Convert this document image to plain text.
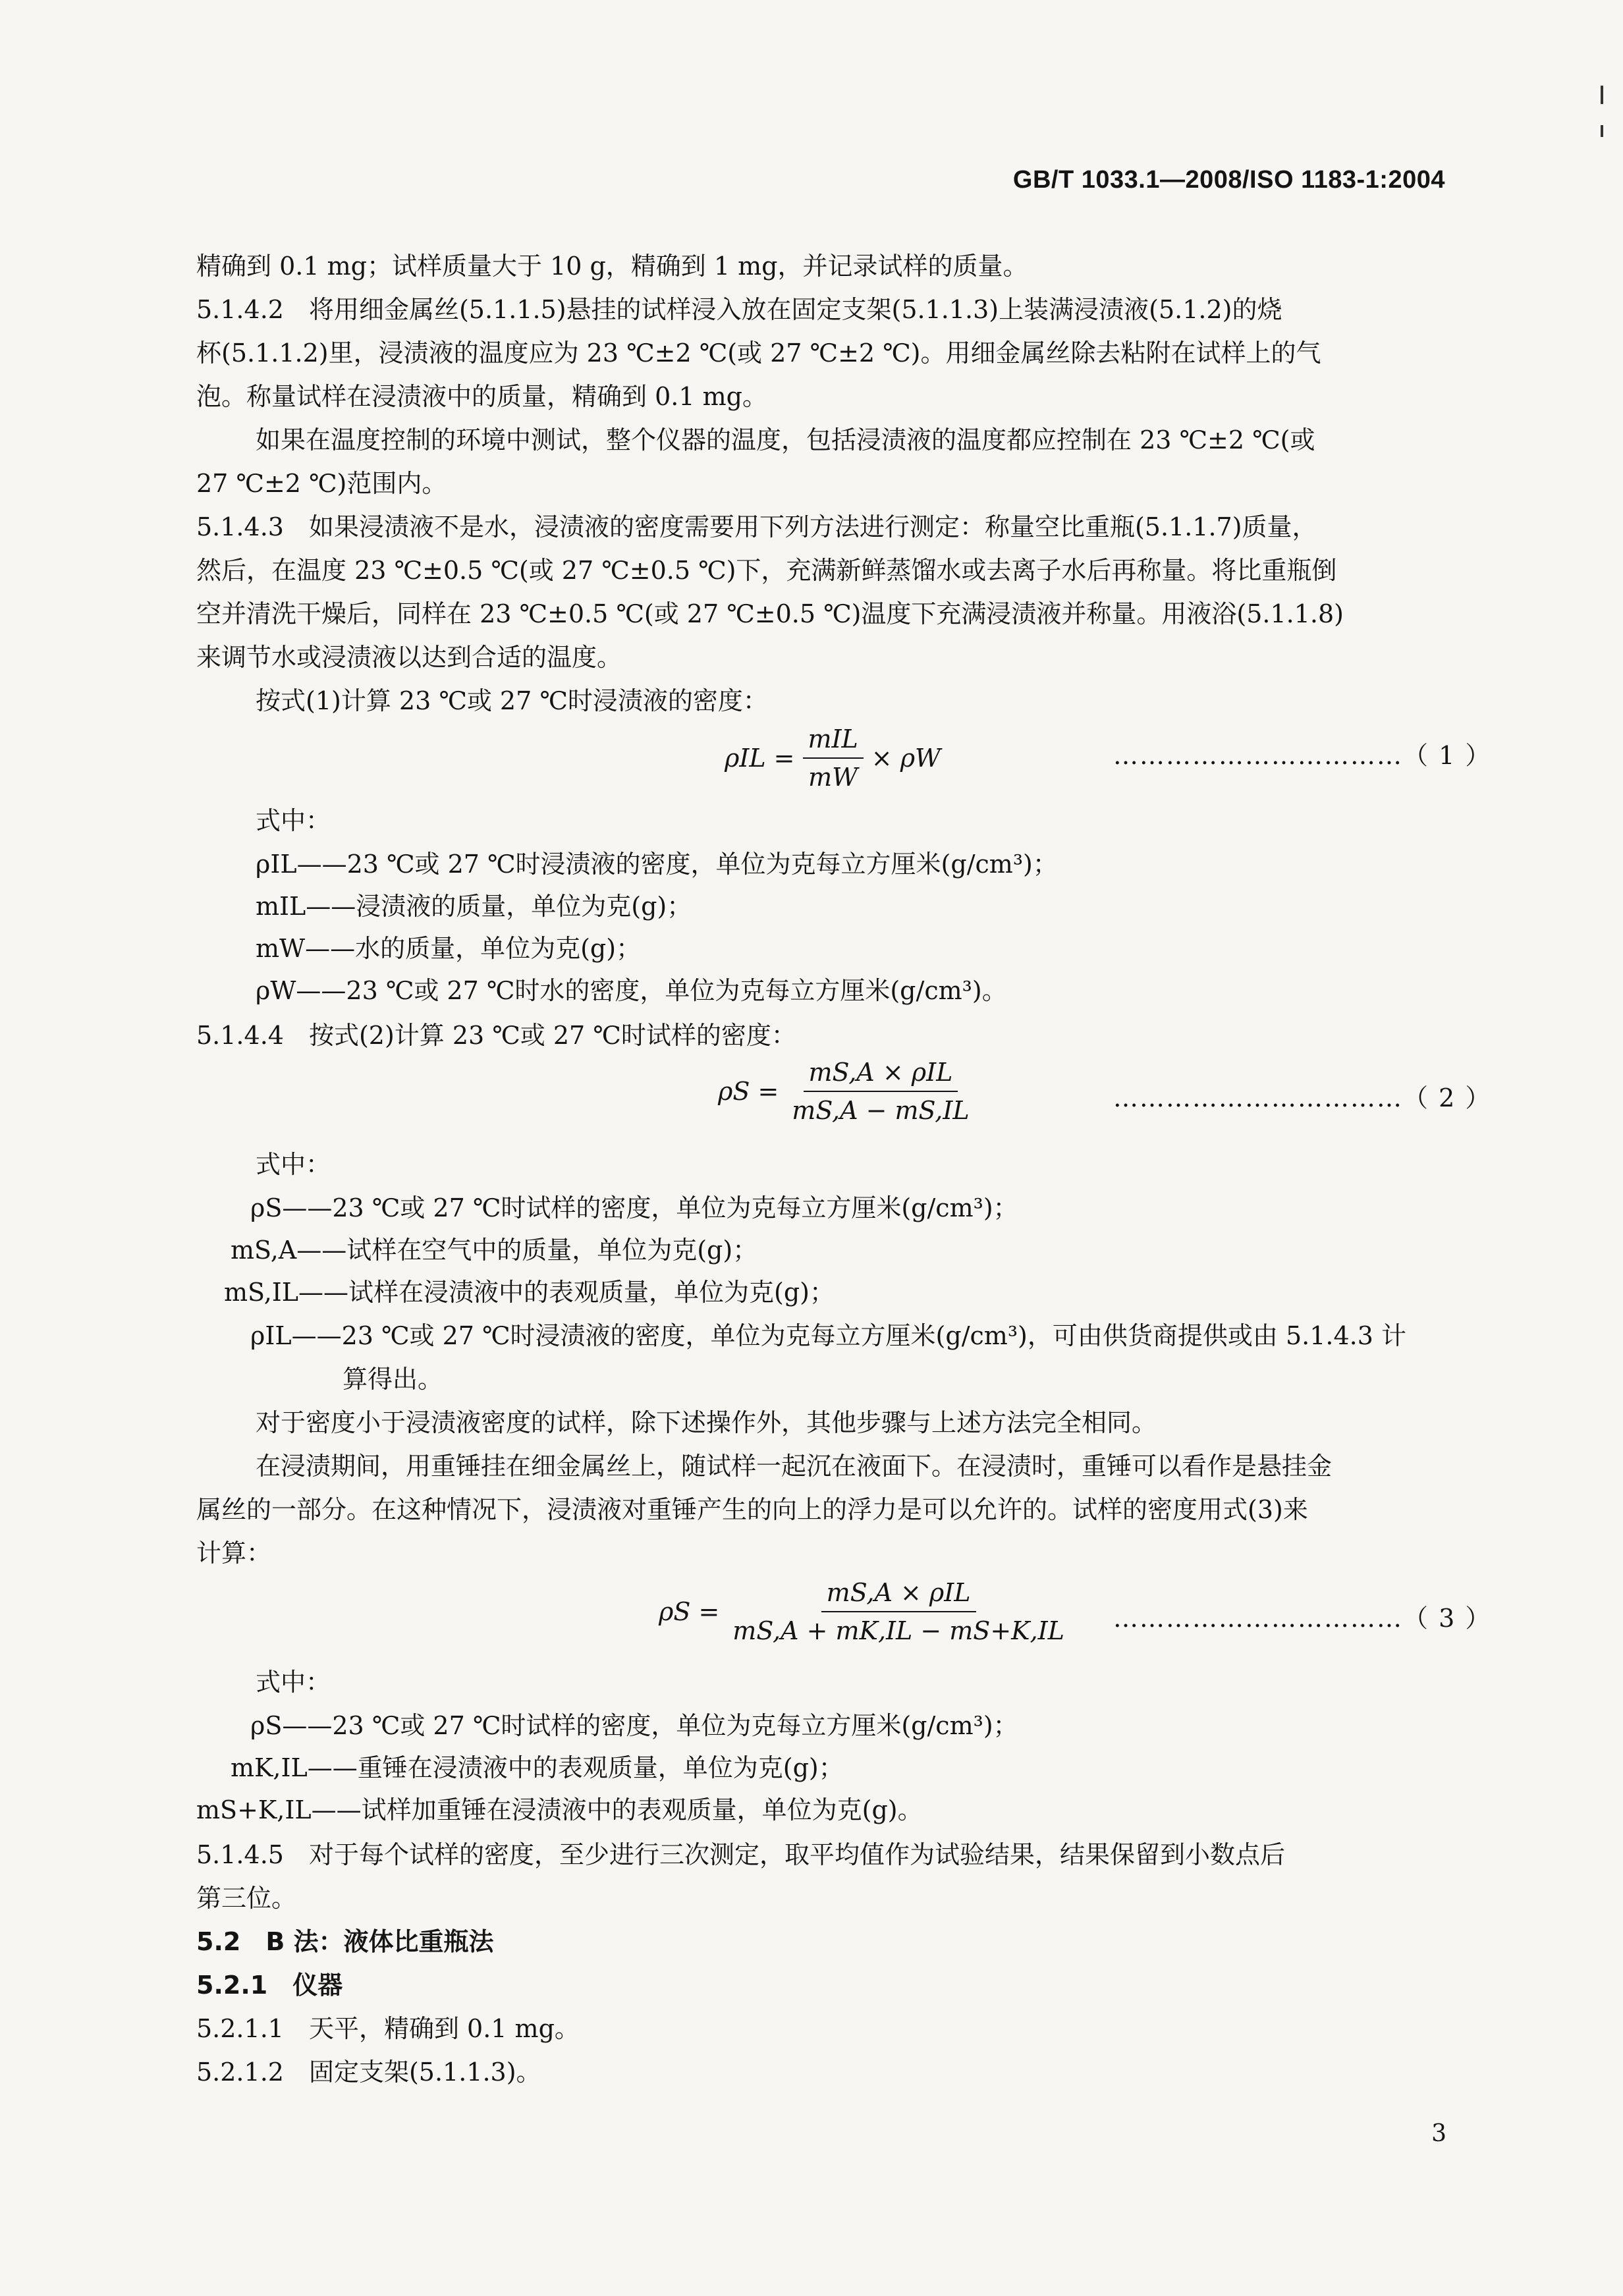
GB/T 1033.1—2008/ISO 1183-1:2004
精确到 0.1 mg；试样质量大于 10 g，精确到 1 mg，并记录试样的质量。
5.1.4.2　将用细金属丝(5.1.1.5)悬挂的试样浸入放在固定支架(5.1.1.3)上装满浸渍液(5.1.2)的烧
杯(5.1.1.2)里，浸渍液的温度应为 23 ℃±2 ℃(或 27 ℃±2 ℃)。用细金属丝除去粘附在试样上的气
泡。称量试样在浸渍液中的质量，精确到 0.1 mg。
如果在温度控制的环境中测试，整个仪器的温度，包括浸渍液的温度都应控制在 23 ℃±2 ℃(或
27 ℃±2 ℃)范围内。
5.1.4.3　如果浸渍液不是水，浸渍液的密度需要用下列方法进行测定：称量空比重瓶(5.1.1.7)质量，
然后，在温度 23 ℃±0.5 ℃(或 27 ℃±0.5 ℃)下，充满新鲜蒸馏水或去离子水后再称量。将比重瓶倒
空并清洗干燥后，同样在 23 ℃±0.5 ℃(或 27 ℃±0.5 ℃)温度下充满浸渍液并称量。用液浴(5.1.1.8)
来调节水或浸渍液以达到合适的温度。
按式(1)计算 23 ℃或 27 ℃时浸渍液的密度：
$\rho IL = \frac{\text{mIL}}{mW} \times \rho W$	……………………………（ 1 ）
式中：
ρIL——23 ℃或 27 ℃时浸渍液的密度，单位为克每立方厘米(g/cm³)；
mIL——浸渍液的质量，单位为克(g)；
mW——水的质量，单位为克(g)；
ρW——23 ℃或 27 ℃时水的密度，单位为克每立方厘米(g/cm³)。
5.1.4.4　按式(2)计算 23 ℃或 27 ℃时试样的密度：
$\rho S = \frac{\text{mS,A × ρIL}}{mS,A - mS,IL}$	……………………………（ 2 ）
式中：
ρS——23 ℃或 27 ℃时试样的密度，单位为克每立方厘米(g/cm³)；
mS,A——试样在空气中的质量，单位为克(g)；
mS,IL——试样在浸渍液中的表观质量，单位为克(g)；
ρIL——23 ℃或 27 ℃时浸渍液的密度，单位为克每立方厘米(g/cm³)，可由供货商提供或由 5.1.4.3 计
算得出。
对于密度小于浸渍液密度的试样，除下述操作外，其他步骤与上述方法完全相同。
在浸渍期间，用重锤挂在细金属丝上，随试样一起沉在液面下。在浸渍时，重锤可以看作是悬挂金
属丝的一部分。在这种情况下，浸渍液对重锤产生的向上的浮力是可以允许的。试样的密度用式(3)来
计算：
$\rho S = \frac{\text{mS,A × ρIL}}{mS,A + mK,IL - mS+K,IL}$ ……………………………（ 3 ）
式中：
ρS——23 ℃或 27 ℃时试样的密度，单位为克每立方厘米(g/cm³)；
mK,IL——重锤在浸渍液中的表观质量，单位为克(g)；
mS+K,IL——试样加重锤在浸渍液中的表观质量，单位为克(g)。
5.1.4.5　对于每个试样的密度，至少进行三次测定，取平均值作为试验结果，结果保留到小数点后
第三位。
5.2　B 法：液体比重瓶法
5.2.1　仪器
5.2.1.1　天平，精确到 0.1 mg。
5.2.1.2　固定支架(5.1.1.3)。
3
